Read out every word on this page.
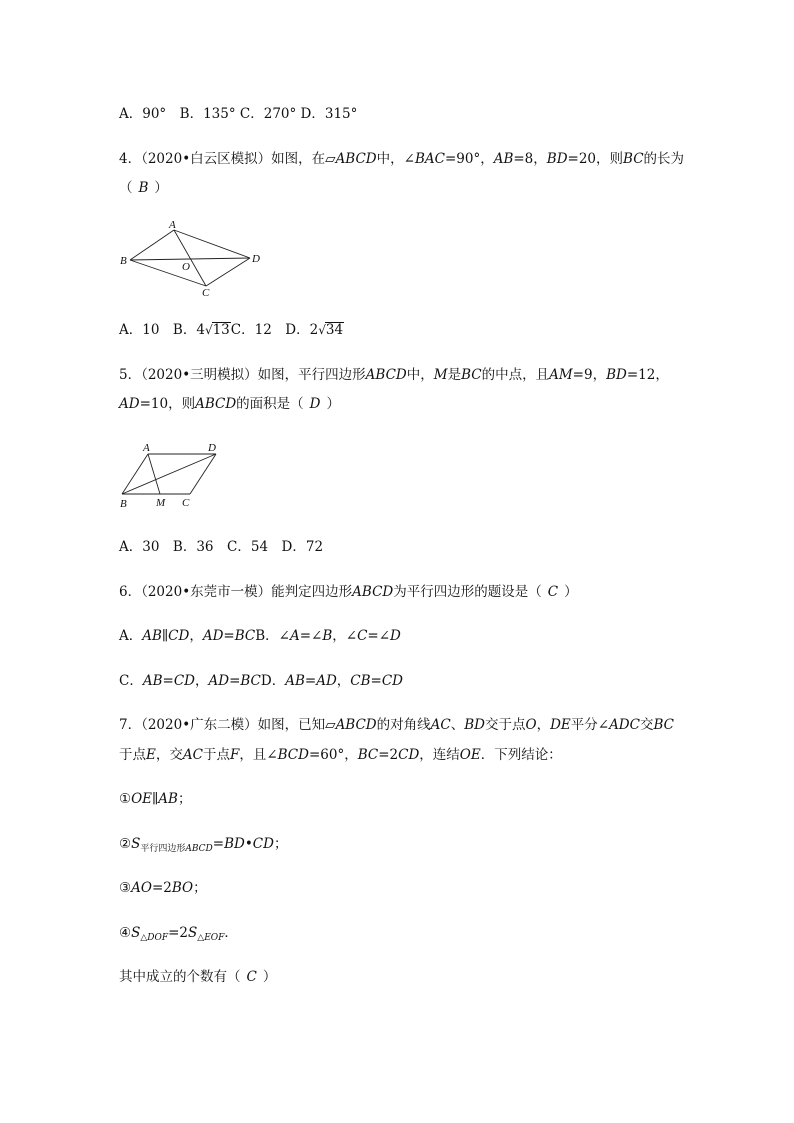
A．90°　B．135° C．270° D．315°
4．（2020•白云区模拟）如图，在▱ABCD中，∠BAC=90°，AB=8，BD=20，则BC的长为
（ B ）
A
B
C
D
O
A．10　B．4√13C．12　D．2√34
5．（2020•三明模拟）如图，平行四边形ABCD中，M是BC的中点，且AM=9，BD=12，
AD=10，则ABCD的面积是（ D ）
A	D
B	M C
A．30　B．36　C．54　D．72
6．（2020•东莞市一模）能判定四边形ABCD为平行四边形的题设是（ C ）
A．AB∥CD，AD=BCB．∠A=∠B，∠C=∠D
C．AB=CD，AD=BCD．AB=AD，CB=CD
7．（2020•广东二模）如图，已知▱ABCD的对角线AC、BD交于点O，DE平分∠ADC交BC
于点E，交AC于点F，且∠BCD=60°，BC=2CD，连结OE．下列结论：
①OE∥AB；
$②S_{平行四边形ABCD}=BD•CD$；
③AO=2BO；
$④S_{\triangle DOF}=2S_{\triangle EOF}$．
其中成立的个数有（ C ）
